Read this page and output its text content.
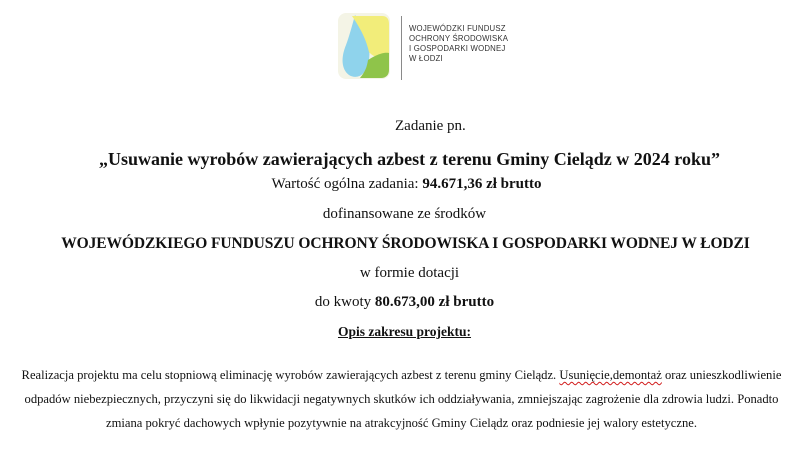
WOJEWÓDZKI FUNDUSZ
OCHRONY ŚRODOWISKA
I GOSPODARKI WODNEJ
W ŁODZI
Zadanie pn.
„Usuwanie wyrobów zawierających azbest z terenu Gminy Cielądz w 2024 roku”
Wartość ogólna zadania: 94.671,36 zł brutto
dofinansowane ze środków
WOJEWÓDZKIEGO FUNDUSZU OCHRONY ŚRODOWISKA I GOSPODARKI WODNEJ W ŁODZI
w formie dotacji
do kwoty 80.673,00 zł brutto
Opis zakresu projektu:
Realizacja projektu ma celu stopniową eliminację wyrobów zawierających azbest z terenu gminy Cielądz. Usunięcie,demontaż oraz unieszkodliwienie odpadów niebezpiecznych, przyczyni się do likwidacji negatywnych skutków ich oddziaływania, zmniejszając zagrożenie dla zdrowia ludzi. Ponadto zmiana pokryć dachowych wpłynie pozytywnie na atrakcyjność Gminy Cielądz oraz podniesie jej walory estetyczne.
